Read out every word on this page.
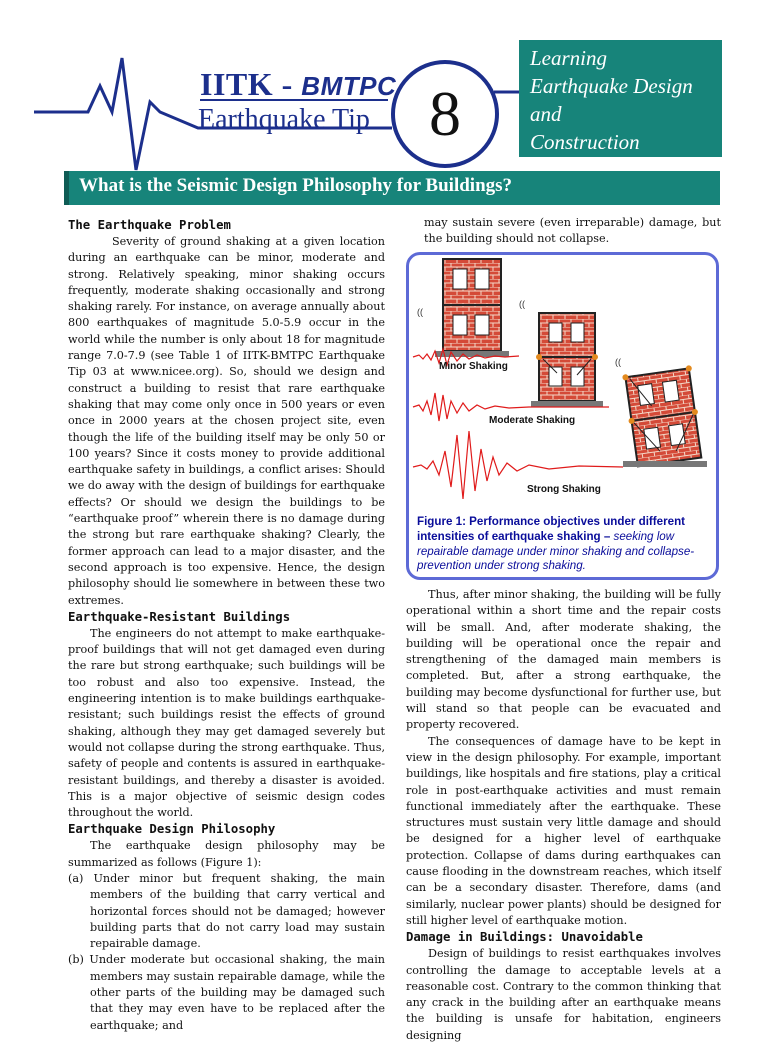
IITK - BMTPC
Earthquake Tip 8
Learning
Earthquake Design
and
Construction
What is the Seismic Design Philosophy for Buildings?
The Earthquake Problem

Severity of ground shaking at a given location during an earthquake can be minor, moderate and strong. Relatively speaking, minor shaking occurs frequently, moderate shaking occasionally and strong shaking rarely. For instance, on average annually about 800 earthquakes of magnitude 5.0-5.9 occur in the world while the number is only about 18 for magnitude range 7.0-7.9 (see Table 1 of IITK-BMTPC Earthquake Tip 03 at www.nicee.org). So, should we design and construct a building to resist that rare earthquake shaking that may come only once in 500 years or even once in 2000 years at the chosen project site, even though the life of the building itself may be only 50 or 100 years? Since it costs money to provide additional earthquake safety in buildings, a conflict arises: Should we do away with the design of buildings for earthquake effects? Or should we design the buildings to be “earthquake proof” wherein there is no damage during the strong but rare earthquake shaking? Clearly, the former approach can lead to a major disaster, and the second approach is too expensive. Hence, the design philosophy should lie somewhere in between these two extremes.

Earthquake-Resistant Buildings

The engineers do not attempt to make earthquake-proof buildings that will not get damaged even during the rare but strong earthquake; such buildings will be too robust and also too expensive. Instead, the engineering intention is to make buildings earthquake-resistant; such buildings resist the effects of ground shaking, although they may get damaged severely but would not collapse during the strong earthquake. Thus, safety of people and contents is assured in earthquake-resistant buildings, and thereby a disaster is avoided. This is a major objective of seismic design codes throughout the world.

Earthquake Design Philosophy

The earthquake design philosophy may be summarized as follows (Figure 1):

(a) Under minor but frequent shaking, the main members of the building that carry vertical and horizontal forces should not be damaged; however building parts that do not carry load may sustain repairable damage.

(b) Under moderate but occasional shaking, the main members may sustain repairable damage, while the other parts of the building may be damaged such that they may even have to be replaced after the earthquake; and

may sustain severe (even irreparable) damage, but the building should not collapse.

((
((
((
Minor Shaking
Moderate Shaking
Strong Shaking
Figure 1: Performance objectives under different intensities of earthquake shaking – seeking low repairable damage under minor shaking and collapse-prevention under strong shaking.

Thus, after minor shaking, the building will be fully operational within a short time and the repair costs will be small. And, after moderate shaking, the building will be operational once the repair and strengthening of the damaged main members is completed. But, after a strong earthquake, the building may become dysfunctional for further use, but will stand so that people can be evacuated and property recovered.

The consequences of damage have to be kept in view in the design philosophy. For example, important buildings, like hospitals and fire stations, play a critical role in post-earthquake activities and must remain functional immediately after the earthquake. These structures must sustain very little damage and should be designed for a higher level of earthquake protection. Collapse of dams during earthquakes can cause flooding in the downstream reaches, which itself can be a secondary disaster. Therefore, dams (and similarly, nuclear power plants) should be designed for still higher level of earthquake motion.

Damage in Buildings: Unavoidable

Design of buildings to resist earthquakes involves controlling the damage to acceptable levels at a reasonable cost. Contrary to the common thinking that any crack in the building after an earthquake means the building is unsafe for habitation, engineers designing
